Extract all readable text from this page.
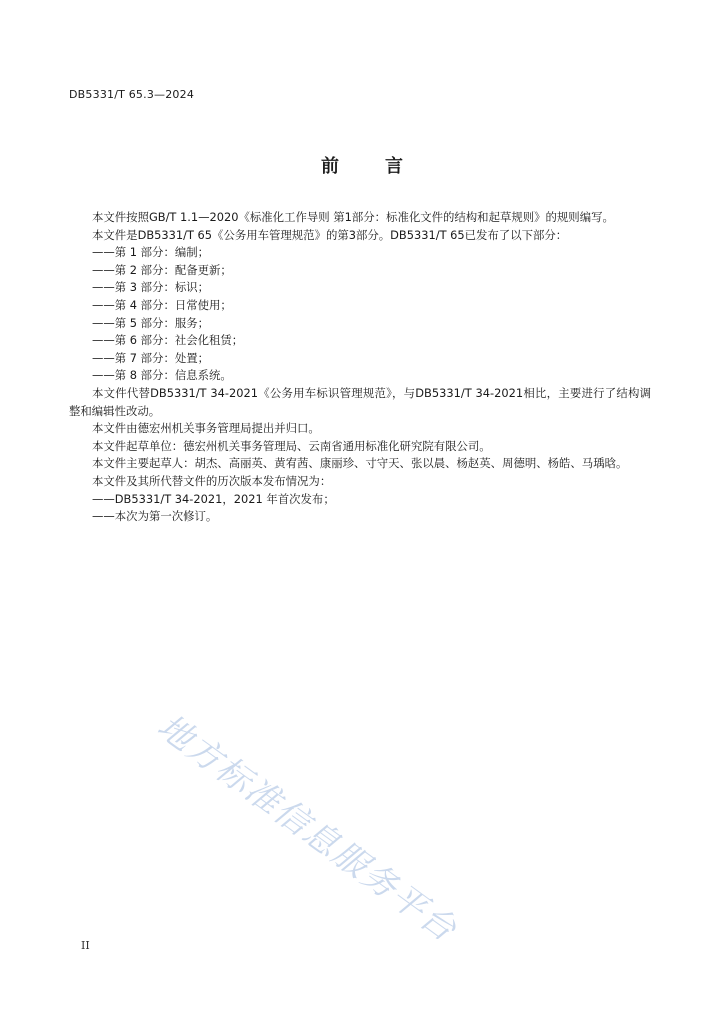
DB5331/T 65.3—2024
前	言

本文件按照GB/T 1.1—2020《标准化工作导则 第1部分：标准化文件的结构和起草规则》的规则编写。

本文件是DB5331/T 65《公务用车管理规范》的第3部分。DB5331/T 65已发布了以下部分：

——第 1 部分：编制；

——第 2 部分：配备更新；

——第 3 部分：标识；

——第 4 部分：日常使用；

——第 5 部分：服务；

——第 6 部分：社会化租赁；

——第 7 部分：处置；

——第 8 部分：信息系统。

本文件代替DB5331/T 34-2021《公务用车标识管理规范》，与DB5331/T 34-2021相比，主要进行了结构调整和编辑性改动。

本文件由德宏州机关事务管理局提出并归口。

本文件起草单位：德宏州机关事务管理局、云南省通用标准化研究院有限公司。

本文件主要起草人：胡杰、高丽英、黄宥茜、康丽珍、寸守天、张以晨、杨赵英、周德明、杨皓、马瑀晗。

本文件及其所代替文件的历次版本发布情况为：

——DB5331/T 34-2021，2021 年首次发布；

——本次为第一次修订。

地方标准信息服务平台
II
